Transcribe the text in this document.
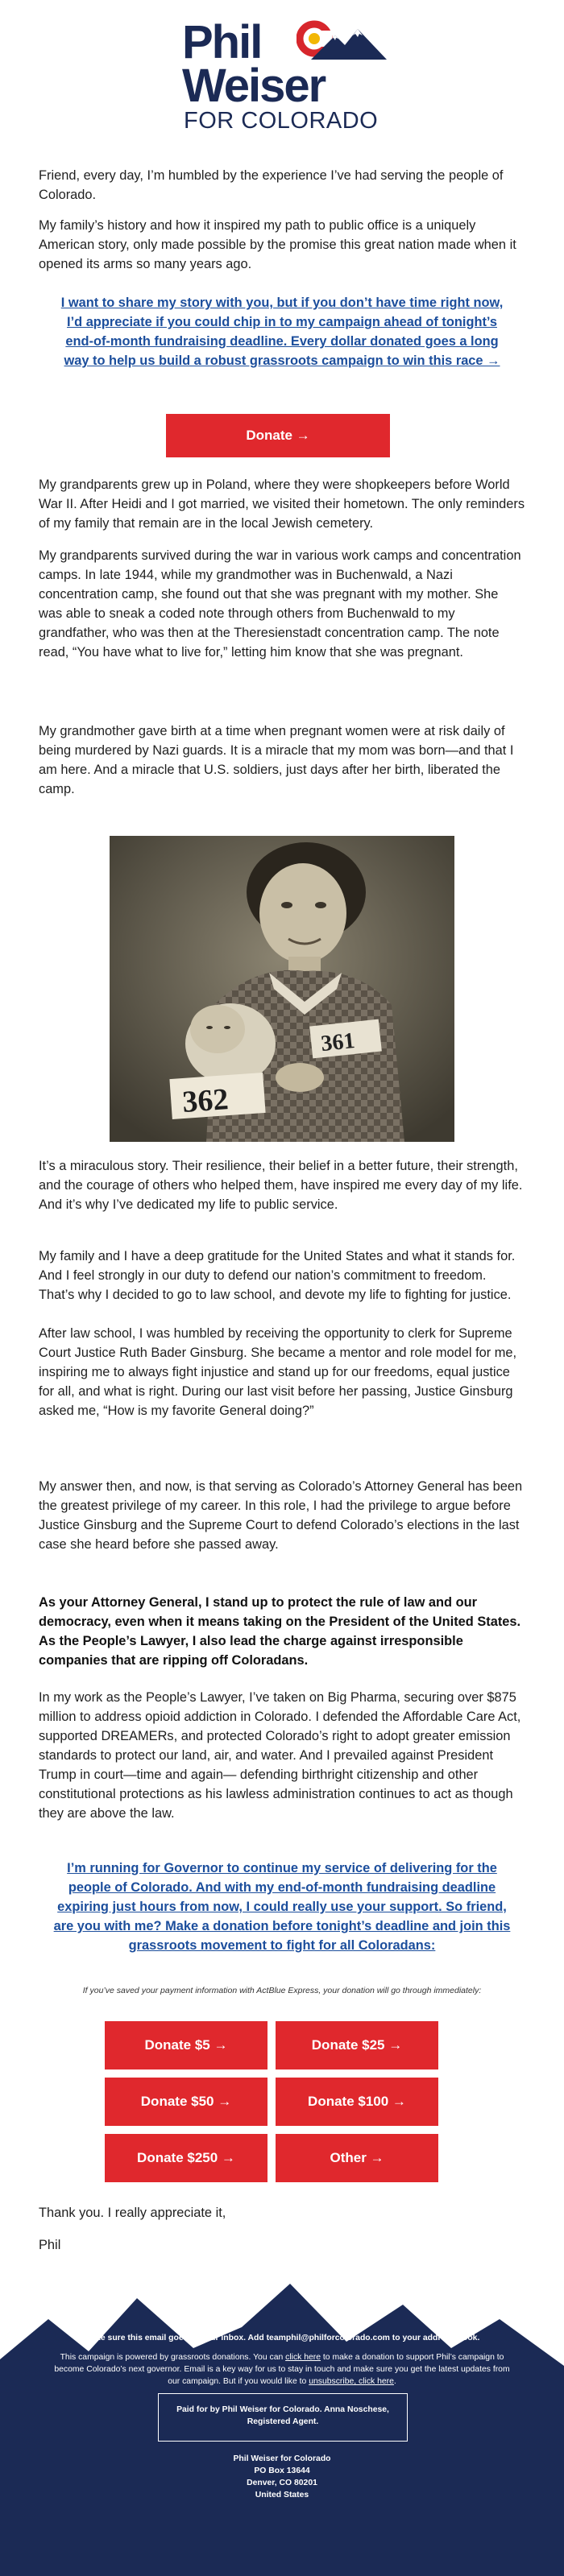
Phil
Weiser
FOR COLORADO

Friend, every day, I’m humbled by the experience I’ve had serving the people of Colorado.

My family’s history and how it inspired my path to public office is a uniquely American story, only made possible by the promise this great nation made when it opened its arms so many years ago.

I want to share my story with you, but if you don’t have time right now, I’d appreciate if you could chip in to my campaign ahead of tonight’s end-of-month fundraising deadline. Every dollar donated goes a long way to help us build a robust grassroots campaign to win this race →
Donate →

My grandparents grew up in Poland, where they were shopkeepers before World War II. After Heidi and I got married, we visited their hometown. The only reminders of my family that remain are in the local Jewish cemetery.

My grandparents survived during the war in various work camps and concentration camps. In late 1944, while my grandmother was in Buchenwald, a Nazi concentration camp, she found out that she was pregnant with my mother. She was able to sneak a coded note through others from Buchenwald to my grandfather, who was then at the Theresienstadt concentration camp. The note read, “You have what to live for,” letting him know that she was pregnant.

My grandmother gave birth at a time when pregnant women were at risk daily of being murdered by Nazi guards. It is a miracle that my mom was born—and that I am here. And a miracle that U.S. soldiers, just days after her birth, liberated the camp.

361
362

It’s a miraculous story. Their resilience, their belief in a better future, their strength, and the courage of others who helped them, have inspired me every day of my life. And it’s why I’ve dedicated my life to public service.

My family and I have a deep gratitude for the United States and what it stands for. And I feel strongly in our duty to defend our nation’s commitment to freedom. That’s why I decided to go to law school, and devote my life to fighting for justice.

After law school, I was humbled by receiving the opportunity to clerk for Supreme Court Justice Ruth Bader Ginsburg. She became a mentor and role model for me, inspiring me to always fight injustice and stand up for our freedoms, equal justice for all, and what is right. During our last visit before her passing, Justice Ginsburg asked me, “How is my favorite General doing?”

My answer then, and now, is that serving as Colorado’s Attorney General has been the greatest privilege of my career. In this role, I had the privilege to argue before Justice Ginsburg and the Supreme Court to defend Colorado’s elections in the last case she heard before she passed away.

As your Attorney General, I stand up to protect the rule of law and our democracy, even when it means taking on the President of the United States. As the People’s Lawyer, I also lead the charge against irresponsible companies that are ripping off Coloradans.

In my work as the People’s Lawyer, I’ve taken on Big Pharma, securing over $875 million to address opioid addiction in Colorado. I defended the Affordable Care Act, supported DREAMERs, and protected Colorado’s right to adopt greater emission standards to protect our land, air, and water. And I prevailed against President Trump in court—time and again— defending birthright citizenship and other constitutional protections as his lawless administration continues to act as though they are above the law.

I’m running for Governor to continue my service of delivering for the people of Colorado. And with my end-of-month fundraising deadline expiring just hours from now, I could really use your support. So friend, are you with me? Make a donation before tonight’s deadline and join this grassroots movement to fight for all Coloradans:
If you’ve saved your payment information with ActBlue Express, your donation will go through immediately:
Donate $5 →	Donate $25 →
Donate $50 →	Donate $100 →
Donate $250 →	Other →

Thank you. I really appreciate it,

Phil

Make sure this email goes to your inbox. Add teamphil@philforcolorado.com to your address book.
This campaign is powered by grassroots donations. You can click here to make a donation to support Phil’s campaign to become Colorado’s next governor. Email is a key way for us to stay in touch and make sure you get the latest updates from our campaign. But if you would like to unsubscribe, click here.
Paid for by Phil Weiser for Colorado. Anna Noschese, Registered Agent.
Phil Weiser for Colorado
PO Box 13644
Denver, CO 80201
United States
